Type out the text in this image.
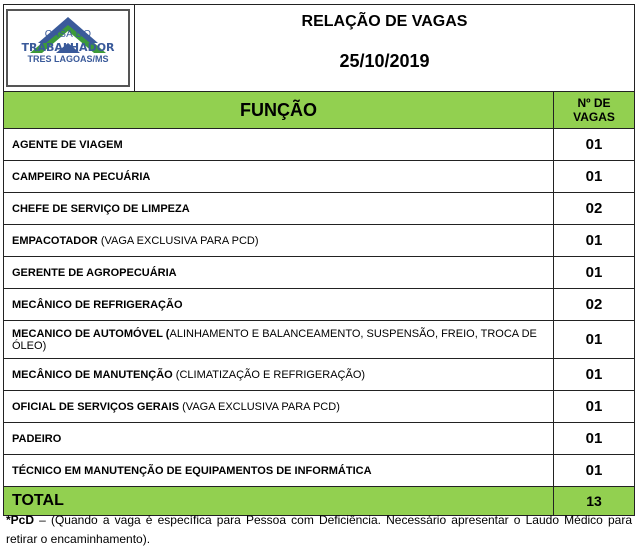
CASA DO
TRABALHADOR
TRES LAGOAS/MS	RELAÇÃO DE VAGAS
25/10/2019	

FUNÇÃO		Nº DE
VAGAS
AGENTE DE VIAGEM		01
CAMPEIRO NA PECUÁRIA		01
CHEFE DE SERVIÇO DE LIMPEZA		02
EMPACOTADOR (VAGA EXCLUSIVA PARA PCD)		01
GERENTE DE AGROPECUÁRIA		01
MECÂNICO DE REFRIGERAÇÃO		02
MECANICO DE AUTOMÓVEL (ALINHAMENTO E BALANCEAMENTO, SUSPENSÃO, FREIO, TROCA DE ÓLEO)		01
MECÂNICO DE MANUTENÇÃO (CLIMATIZAÇÃO E REFRIGERAÇÃO)		01
OFICIAL DE SERVIÇOS GERAIS (VAGA EXCLUSIVA PARA PCD)		01
PADEIRO		01
TÉCNICO EM MANUTENÇÃO DE EQUIPAMENTOS DE INFORMÁTICA		01
TOTAL		13
*PcD – (Quando a vaga é específica para Pessoa com Deficiência. Necessário apresentar o Laudo Médico para retirar o encaminhamento).
